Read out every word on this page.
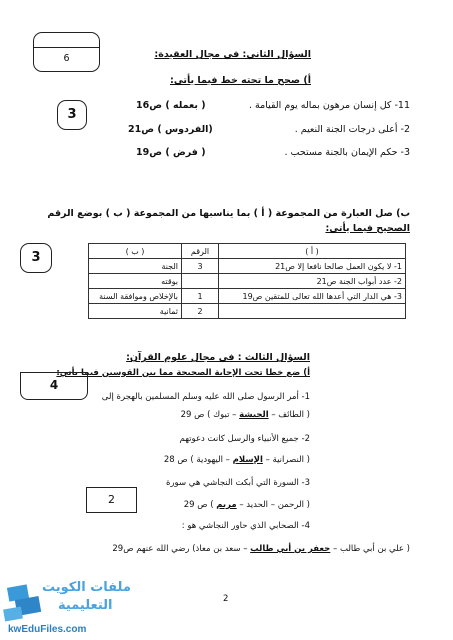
6	السؤال الثاني: في مجال العقيدة:
أ) صحح ما تحته خط فيما يأتي:
3
11- كل إنسان مرهون بماله يوم القيامة .
( بعمله ) ص16
2- أعلى درجات الجنة النعيم .
(الفردوس ) ص21
3- حكم الإيمان بالجنة مستحب .
( فرض ) ص19
ب) صل العبارة من المجموعة ( أ ) بما يناسبها من المجموعة ( ب ) بوضع الرقم
الصحيح فيما يأتي:
3	( أ )	الرقم	( ب )
1- لا يكون العمل صالحا نافعا إلا ص21	3	الجنة
2- عدد أبواب الجنة ص21		بوقته
3- هي الدار التي أعدها الله تعالى للمتقين ص19	1	بالإخلاص وموافقة السنة
	2	ثمانية
السؤال الثالث : في مجال علوم القرآن:
أ) ضع خطا تحت الإجابة الصحيحة مما بين القوسين فيما يأتي:
4
2
1- أمر الرسول صلى الله عليه وسلم المسلمين بالهجرة إلى
( الطائف – الحبشة – تبوك ) ص 29
2- جميع الأنبياء والرسل كانت دعوتهم
( النصرانية – الإسلام – اليهودية ) ص 28
3- السورة التي أبكت النجاشي هي سورة
( الرحمن – الحديد – مريم ) ص 29
4- الصحابي الذي حاور النجاشي هو :
( علي بن أبي طالب – جعفر بن أبي طالب – سعد بن معاذ) رضي الله عنهم ص29
2
ملفات الكويت
التعليمية
kwEduFiles.com
